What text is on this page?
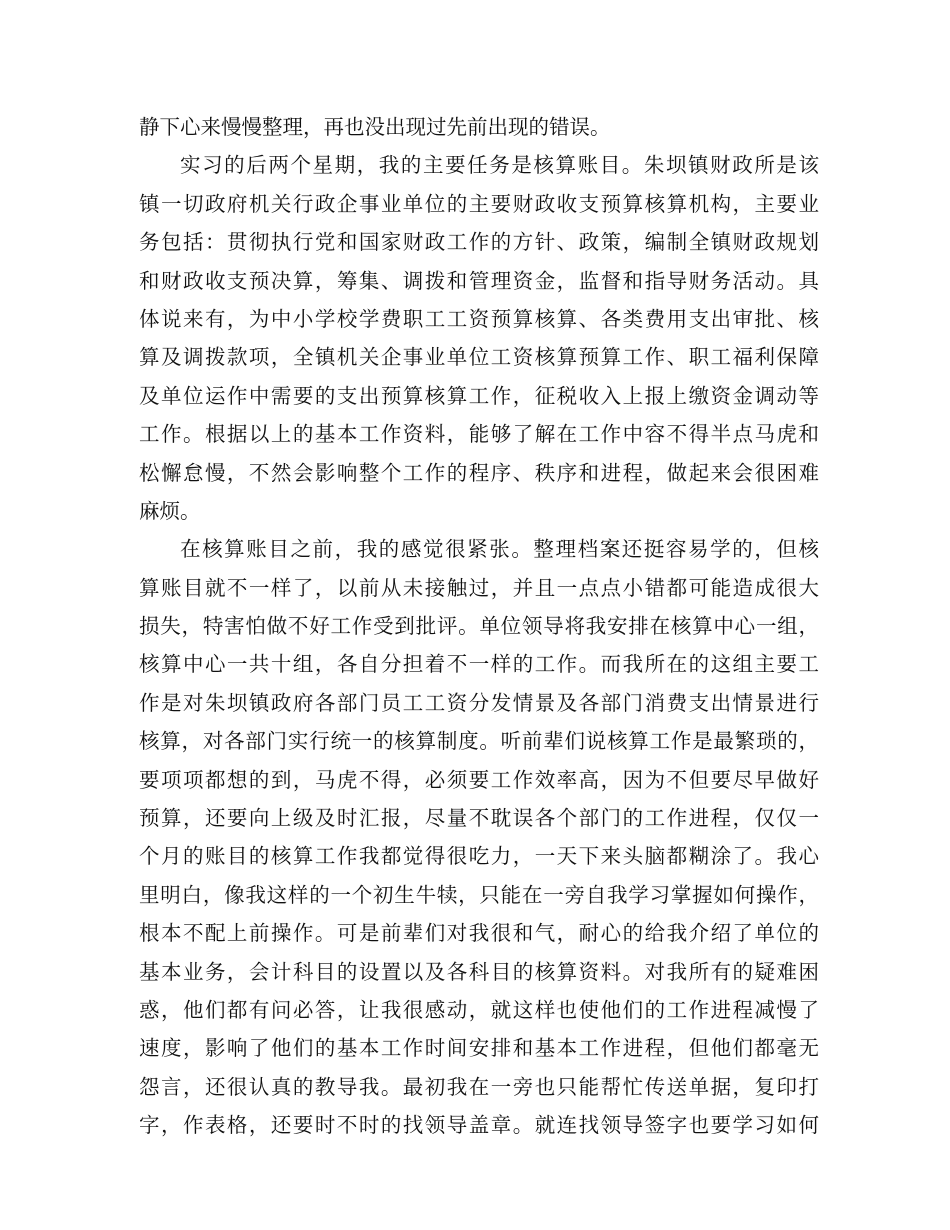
静下心来慢慢整理，再也没出现过先前出现的错误。
实习的后两个星期，我的主要任务是核算账目。朱坝镇财政所是该
镇一切政府机关行政企事业单位的主要财政收支预算核算机构，主要业
务包括：贯彻执行党和国家财政工作的方针、政策，编制全镇财政规划
和财政收支预决算，筹集、调拨和管理资金，监督和指导财务活动。具
体说来有，为中小学校学费职工工资预算核算、各类费用支出审批、核
算及调拨款项，全镇机关企事业单位工资核算预算工作、职工福利保障
及单位运作中需要的支出预算核算工作，征税收入上报上缴资金调动等
工作。根据以上的基本工作资料，能够了解在工作中容不得半点马虎和
松懈怠慢，不然会影响整个工作的程序、秩序和进程，做起来会很困难
麻烦。
在核算账目之前，我的感觉很紧张。整理档案还挺容易学的，但核
算账目就不一样了，以前从未接触过，并且一点点小错都可能造成很大
损失，特害怕做不好工作受到批评。单位领导将我安排在核算中心一组，
核算中心一共十组，各自分担着不一样的工作。而我所在的这组主要工
作是对朱坝镇政府各部门员工工资分发情景及各部门消费支出情景进行
核算，对各部门实行统一的核算制度。听前辈们说核算工作是最繁琐的，
要项项都想的到，马虎不得，必须要工作效率高，因为不但要尽早做好
预算，还要向上级及时汇报，尽量不耽误各个部门的工作进程，仅仅一
个月的账目的核算工作我都觉得很吃力，一天下来头脑都糊涂了。我心
里明白，像我这样的一个初生牛犊，只能在一旁自我学习掌握如何操作，
根本不配上前操作。可是前辈们对我很和气，耐心的给我介绍了单位的
基本业务，会计科目的设置以及各科目的核算资料。对我所有的疑难困
惑，他们都有问必答，让我很感动，就这样也使他们的工作进程减慢了
速度，影响了他们的基本工作时间安排和基本工作进程，但他们都毫无
怨言，还很认真的教导我。最初我在一旁也只能帮忙传送单据，复印打
字，作表格，还要时不时的找领导盖章。就连找领导签字也要学习如何
